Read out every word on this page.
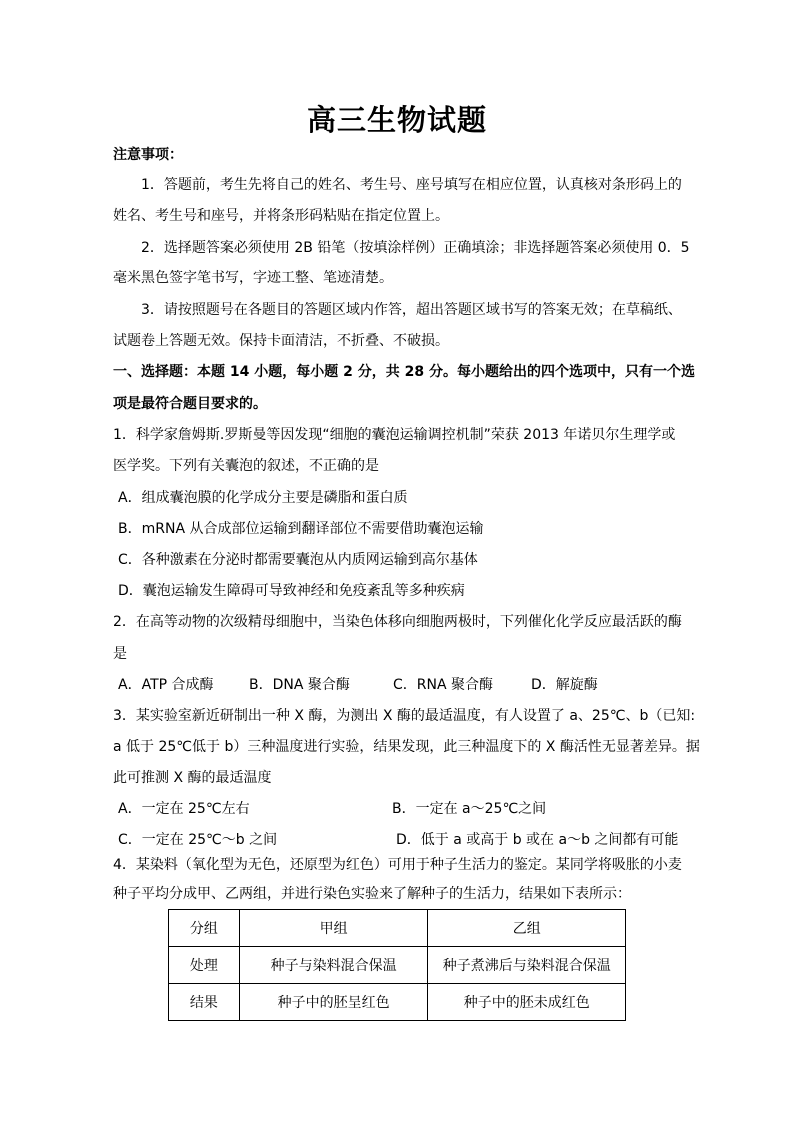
高三生物试题
注意事项：
1．答题前，考生先将自己的姓名、考生号、座号填写在相应位置，认真核对条形码上的
姓名、考生号和座号，并将条形码粘贴在指定位置上。
2．选择题答案必须使用 2B 铅笔（按填涂样例）正确填涂；非选择题答案必须使用 0．5
毫米黑色签字笔书写，字迹工整、笔迹清楚。
3．请按照题号在各题目的答题区域内作答，超出答题区域书写的答案无效；在草稿纸、
试题卷上答题无效。保持卡面清洁，不折叠、不破损。
一、选择题：本题 14 小题，每小题 2 分，共 28 分。每小题给出的四个选项中，只有一个选
项是最符合题目要求的。
1．科学家詹姆斯.罗斯曼等因发现“细胞的囊泡运输调控机制”荣获 2013 年诺贝尔生理学或
医学奖。下列有关囊泡的叙述，不正确的是
A．组成囊泡膜的化学成分主要是磷脂和蛋白质
B．mRNA 从合成部位运输到翻译部位不需要借助囊泡运输
C．各种激素在分泌时都需要囊泡从内质网运输到高尔基体
D．囊泡运输发生障碍可导致神经和免疫紊乱等多种疾病
2．在高等动物的次级精母细胞中，当染色体移向细胞两极时，下列催化化学反应最活跃的酶
是
A．ATP 合成酶	B．DNA 聚合酶	C．RNA 聚合酶	D．解旋酶
3．某实验室新近研制出一种 X 酶，为测出 X 酶的最适温度，有人设置了 a、25℃、b（已知:
a 低于 25℃低于 b）三种温度进行实验，结果发现，此三种温度下的 X 酶活性无显著差异。据
此可推测 X 酶的最适温度
A．一定在 25℃左右	B．一定在 a～25℃之间
C．一定在 25℃～b 之间	D．低于 a 或高于 b 或在 a～b 之间都有可能
4．某染料（氧化型为无色，还原型为红色）可用于种子生活力的鉴定。某同学将吸胀的小麦
种子平均分成甲、乙两组，并进行染色实验来了解种子的生活力，结果如下表所示：
分组	甲组	乙组
处理	种子与染料混合保温	种子煮沸后与染料混合保温
结果	种子中的胚呈红色	种子中的胚未成红色
